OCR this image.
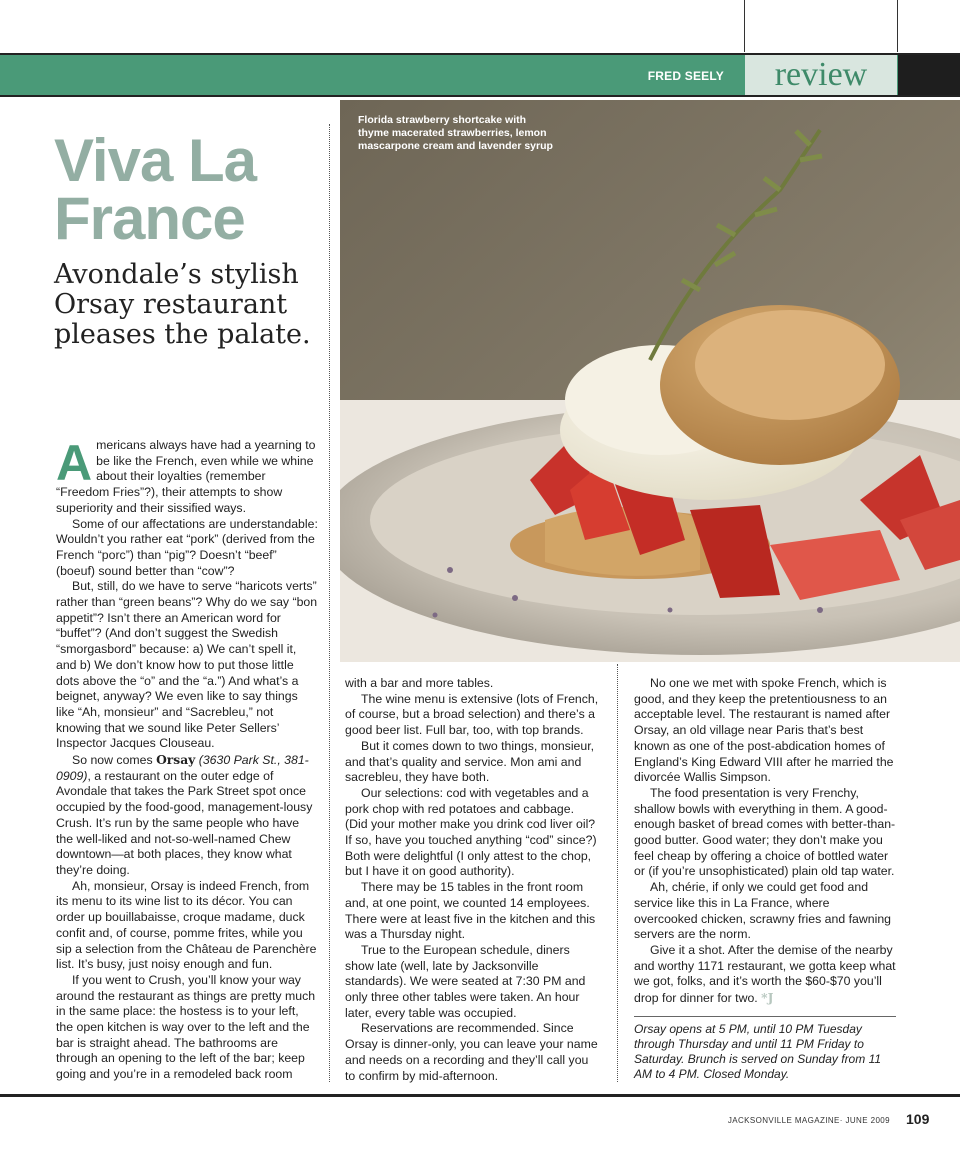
FRED SEELY	review
Viva La
France

Avondale’s stylish Orsay restaurant pleases the palate.

Florida strawberry shortcake with thyme macerated strawberries, lemon mascarpone cream and lavender syrup

Americans always have had a yearning to be like the French, even while we whine about their loyalties (remember “Freedom Fries”?), their attempts to show superiority and their sissified ways.

Some of our affectations are understandable: Wouldn’t you rather eat “pork” (derived from the French “porc”) than “pig”? Doesn’t “beef” (boeuf) sound better than “cow”?

But, still, do we have to serve “haricots verts” rather than “green beans”? Why do we say “bon appetit”? Isn’t there an American word for “buffet”? (And don’t suggest the Swedish “smorgasbord” because: a) We can’t spell it, and b) We don’t know how to put those little dots above the “o” and the “a.”) And what’s a beignet, anyway? We even like to say things like “Ah, monsieur” and “Sacrebleu,” not knowing that we sound like Peter Sellers’ Inspector Jacques Clouseau.

So now comes Orsay (3630 Park St., 381-0909), a restaurant on the outer edge of Avondale that takes the Park Street spot once occupied by the food-good, management-lousy Crush. It’s run by the same people who have the well-liked and not-so-well-named Chew downtown—at both places, they know what they’re doing.

Ah, monsieur, Orsay is indeed French, from its menu to its wine list to its décor. You can order up bouillabaisse, croque madame, duck confit and, of course, pomme frites, while you sip a selection from the Château de Parenchère list. It’s busy, just noisy enough and fun.

If you went to Crush, you’ll know your way around the restaurant as things are pretty much in the same place: the hostess is to your left, the open kitchen is way over to the left and the bar is straight ahead. The bathrooms are through an opening to the left of the bar; keep going and you’re in a remodeled back room

with a bar and more tables.

The wine menu is extensive (lots of French, of course, but a broad selection) and there’s a good beer list. Full bar, too, with top brands.

But it comes down to two things, monsieur, and that’s quality and service. Mon ami and sacrebleu, they have both.

Our selections: cod with vegetables and a pork chop with red potatoes and cabbage. (Did your mother make you drink cod liver oil? If so, have you touched anything “cod” since?) Both were delightful (I only attest to the chop, but I have it on good authority).

There may be 15 tables in the front room and, at one point, we counted 14 employees. There were at least five in the kitchen and this was a Thursday night.

True to the European schedule, diners show late (well, late by Jacksonville standards). We were seated at 7:30 PM and only three other tables were taken. An hour later, every table was occupied.

Reservations are recommended. Since Orsay is dinner-only, you can leave your name and needs on a recording and they’ll call you to confirm by mid-afternoon.

No one we met with spoke French, which is good, and they keep the pretentiousness to an acceptable level. The restaurant is named after Orsay, an old village near Paris that’s best known as one of the post-abdication homes of England’s King Edward VIII after he married the divorcée Wallis Simpson.

The food presentation is very Frenchy, shallow bowls with everything in them. A good-enough basket of bread comes with better-than-good butter. Good water; they don’t make you feel cheap by offering a choice of bottled water or (if you’re unsophisticated) plain old tap water.

Ah, chérie, if only we could get food and service like this in La France, where overcooked chicken, scrawny fries and fawning servers are the norm.

Give it a shot. After the demise of the nearby and worthy 1171 restaurant, we gotta keep what we got, folks, and it’s worth the $60-$70 you’ll drop for dinner for two. *J

Orsay opens at 5 PM, until 10 PM Tuesday through Thursday and until 11 PM Friday to Saturday. Brunch is served on Sunday from 11 AM to 4 PM. Closed Monday.
JACKSONVILLE MAGAZINE· JUNE 2009 109
